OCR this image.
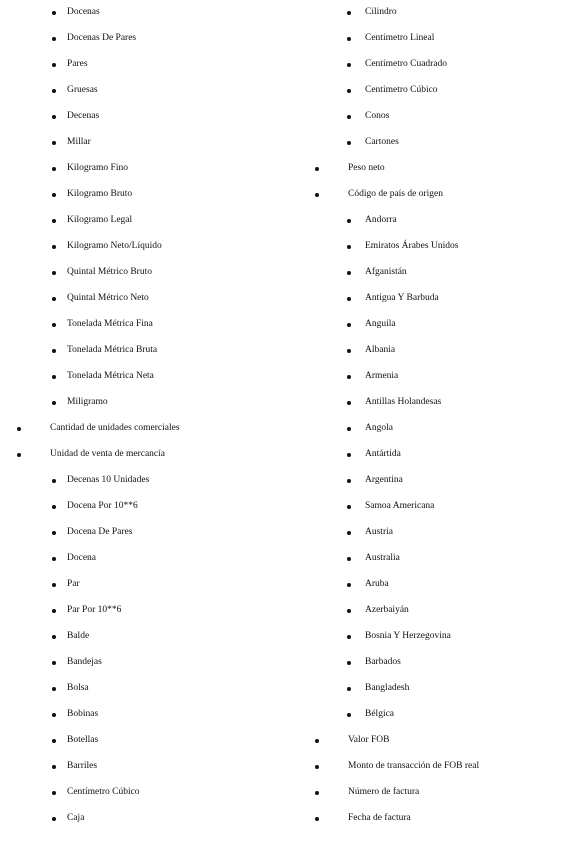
Docenas
Docenas De Pares
Pares
Gruesas
Decenas
Millar
Kilogramo Fino
Kilogramo Bruto
Kilogramo Legal
Kilogramo Neto/Líquido
Quintal Métrico Bruto
Quintal Métrico Neto
Tonelada Métrica Fina
Tonelada Métrica Bruta
Tonelada Métrica Neta
Miligramo
Cantidad de unidades comerciales
Unidad de venta de mercancía
Decenas 10 Unidades
Docena Por 10**6
Docena De Pares
Docena
Par
Par Por 10**6
Balde
Bandejas
Bolsa
Bobinas
Botellas
Barriles
Centímetro Cúbico
Caja
Cilindro
Centímetro Lineal
Centímetro Cuadrado
Centímetro Cúbico
Conos
Cartones
Peso neto
Código de país de origen
Andorra
Emiratos Árabes Unidos
Afganistán
Antigua Y Barbuda
Anguila
Albania
Armenia
Antillas Holandesas
Angola
Antártida
Argentina
Samoa Americana
Austria
Australia
Aruba
Azerbaiyán
Bosnia Y Herzegovina
Barbados
Bangladesh
Bélgica
Valor FOB
Monto de transacción de FOB real
Número de factura
Fecha de factura
